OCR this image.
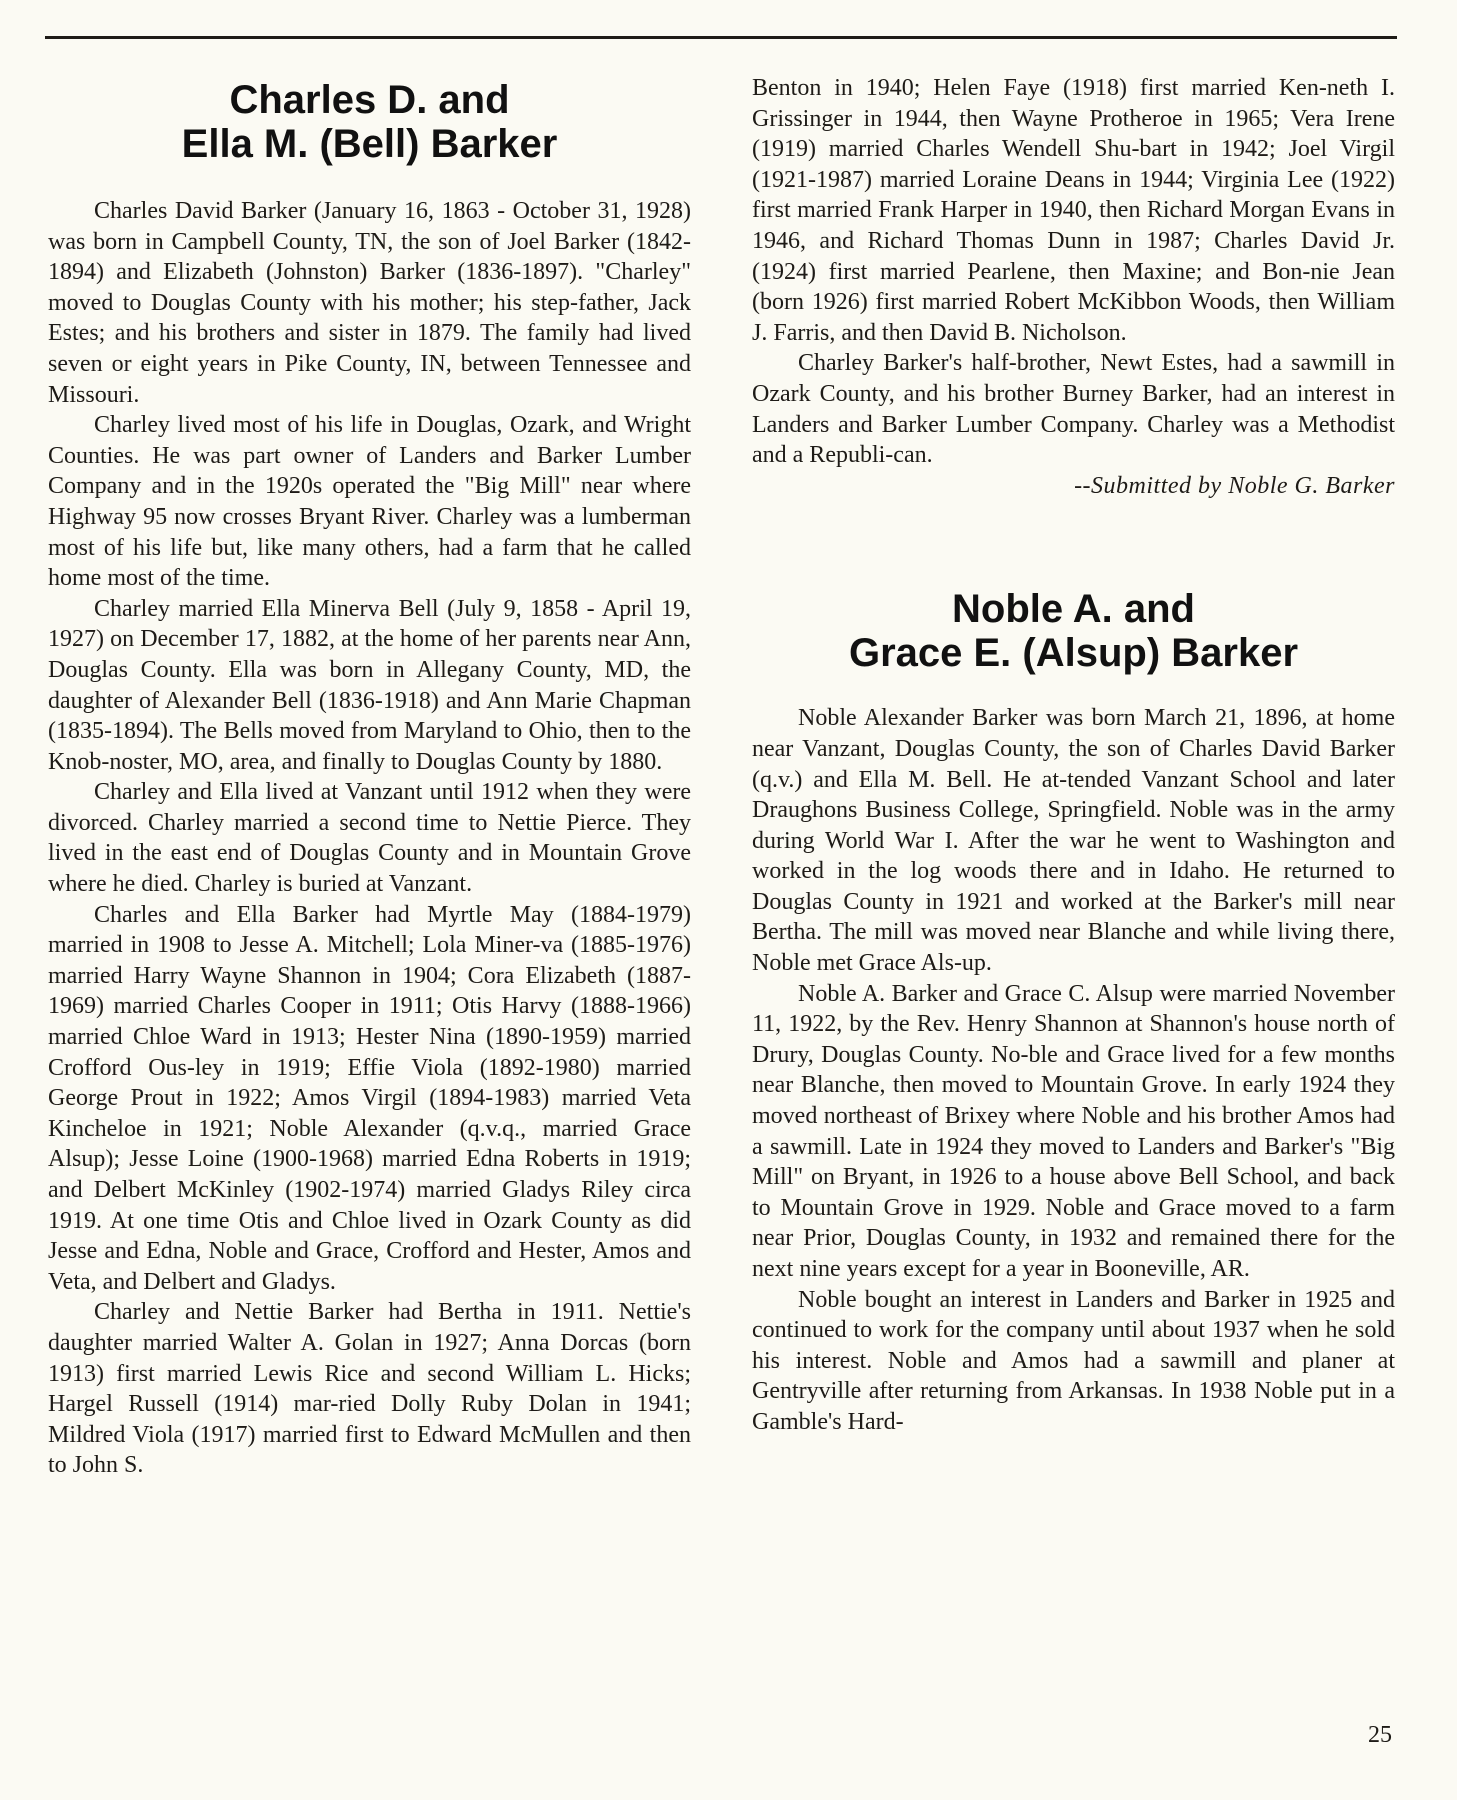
Charles D. and
Ella M. (Bell) Barker

Charles David Barker (January 16, 1863 - October 31, 1928) was born in Campbell County, TN, the son of Joel Barker (1842-1894) and Elizabeth (Johnston) Barker (1836-1897). "Charley" moved to Douglas County with his mother; his step-father, Jack Estes; and his brothers and sister in 1879. The family had lived seven or eight years in Pike County, IN, between Tennessee and Missouri.

Charley lived most of his life in Douglas, Ozark, and Wright Counties. He was part owner of Landers and Barker Lumber Company and in the 1920s operated the "Big Mill" near where Highway 95 now crosses Bryant River. Charley was a lumberman most of his life but, like many others, had a farm that he called home most of the time.

Charley married Ella Minerva Bell (July 9, 1858 - April 19, 1927) on December 17, 1882, at the home of her parents near Ann, Douglas County. Ella was born in Allegany County, MD, the daughter of Alexander Bell (1836-1918) and Ann Marie Chapman (1835-1894). The Bells moved from Maryland to Ohio, then to the Knob-noster, MO, area, and finally to Douglas County by 1880.

Charley and Ella lived at Vanzant until 1912 when they were divorced. Charley married a second time to Nettie Pierce. They lived in the east end of Douglas County and in Mountain Grove where he died. Charley is buried at Vanzant.

Charles and Ella Barker had Myrtle May (1884-1979) married in 1908 to Jesse A. Mitchell; Lola Miner-va (1885-1976) married Harry Wayne Shannon in 1904; Cora Elizabeth (1887-1969) married Charles Cooper in 1911; Otis Harvy (1888-1966) married Chloe Ward in 1913; Hester Nina (1890-1959) married Crofford Ous-ley in 1919; Effie Viola (1892-1980) married George Prout in 1922; Amos Virgil (1894-1983) married Veta Kincheloe in 1921; Noble Alexander (q.v.q., married Grace Alsup); Jesse Loine (1900-1968) married Edna Roberts in 1919; and Delbert McKinley (1902-1974) married Gladys Riley circa 1919. At one time Otis and Chloe lived in Ozark County as did Jesse and Edna, Noble and Grace, Crofford and Hester, Amos and Veta, and Delbert and Gladys.

Charley and Nettie Barker had Bertha in 1911. Nettie's daughter married Walter A. Golan in 1927; Anna Dorcas (born 1913) first married Lewis Rice and second William L. Hicks; Hargel Russell (1914) mar-ried Dolly Ruby Dolan in 1941; Mildred Viola (1917) married first to Edward McMullen and then to John S.

Benton in 1940; Helen Faye (1918) first married Ken-neth I. Grissinger in 1944, then Wayne Protheroe in 1965; Vera Irene (1919) married Charles Wendell Shu-bart in 1942; Joel Virgil (1921-1987) married Loraine Deans in 1944; Virginia Lee (1922) first married Frank Harper in 1940, then Richard Morgan Evans in 1946, and Richard Thomas Dunn in 1987; Charles David Jr. (1924) first married Pearlene, then Maxine; and Bon-nie Jean (born 1926) first married Robert McKibbon Woods, then William J. Farris, and then David B. Nicholson.

Charley Barker's half-brother, Newt Estes, had a sawmill in Ozark County, and his brother Burney Barker, had an interest in Landers and Barker Lumber Company. Charley was a Methodist and a Republi-can.

--Submitted by Noble G. Barker

Noble A. and
Grace E. (Alsup) Barker

Noble Alexander Barker was born March 21, 1896, at home near Vanzant, Douglas County, the son of Charles David Barker (q.v.) and Ella M. Bell. He at-tended Vanzant School and later Draughons Business College, Springfield. Noble was in the army during World War I. After the war he went to Washington and worked in the log woods there and in Idaho. He returned to Douglas County in 1921 and worked at the Barker's mill near Bertha. The mill was moved near Blanche and while living there, Noble met Grace Als-up.

Noble A. Barker and Grace C. Alsup were married November 11, 1922, by the Rev. Henry Shannon at Shannon's house north of Drury, Douglas County. No-ble and Grace lived for a few months near Blanche, then moved to Mountain Grove. In early 1924 they moved northeast of Brixey where Noble and his brother Amos had a sawmill. Late in 1924 they moved to Landers and Barker's "Big Mill" on Bryant, in 1926 to a house above Bell School, and back to Mountain Grove in 1929. Noble and Grace moved to a farm near Prior, Douglas County, in 1932 and remained there for the next nine years except for a year in Booneville, AR.

Noble bought an interest in Landers and Barker in 1925 and continued to work for the company until about 1937 when he sold his interest. Noble and Amos had a sawmill and planer at Gentryville after returning from Arkansas. In 1938 Noble put in a Gamble's Hard-

25
